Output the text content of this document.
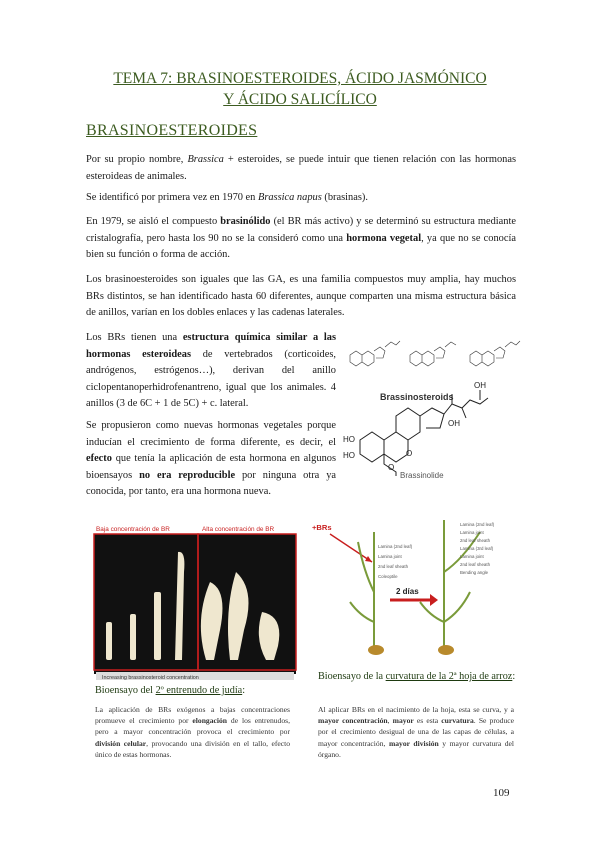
TEMA 7: BRASINOESTEROIDES, ÁCIDO JASMÓNICO
Y ÁCIDO SALICÍLICO
BRASINOESTEROIDES
Por su propio nombre, Brassica + esteroides, se puede intuir que tienen relación con las hormonas esteroideas de animales.
Se identificó por primera vez en 1970 en Brassica napus (brasinas).
En 1979, se aisló el compuesto brasinólido (el BR más activo) y se determinó su estructura mediante cristalografía, pero hasta los 90 no se la consideró como una hormona vegetal, ya que no se conocía bien su función o forma de acción.
Los brasinoesteroides son iguales que las GA, es una familia compuestos muy amplia, hay muchos BRs distintos, se han identificado hasta 60 diferentes, aunque comparten una misma estructura básica de anillos, varían en los dobles enlaces y las cadenas laterales.
Los BRs tienen una estructura química similar a las hormonas esteroideas de vertebrados (corticoides, andrógenos, estrógenos…), derivan del anillo ciclopentanoperhidrofenantreno, igual que los animales. 4 anillos (3 de 6C + 1 de 5C) + c. lateral.
Se propusieron como nuevas hormonas vegetales porque inducían el crecimiento de forma diferente, es decir, el efecto que tenía la aplicación de esta hormona en algunos bioensayos no era reproducible por ninguna otra ya conocida, por tanto, era una hormona nueva.
Brassinosteroids
OH
OH
HO
HO
O
O
Brassinolide
Baja concentración de BR	Alta concentración de BR
Increasing brassinosteroid concentration
+BRs
2 días
Lamina (2nd leaf)
Lamina joint
2nd leaf sheath
Coleoptile
Lamina (2nd leaf)
Lamina joint
2nd leaf sheath
Lamina (3rd leaf)
Lamina joint
2nd leaf sheath
Bending angle
Bioensayo del 2º entrenudo de judía:
Bioensayo de la curvatura de la 2ª hoja de arroz:
La aplicación de BRs exógenos a bajas concentraciones promueve el crecimiento por elongación de los entrenudos, pero a mayor concentración provoca el crecimiento por división celular, provocando una división en el tallo, efecto único de estas hormonas.
Al aplicar BRs en el nacimiento de la hoja, esta se curva, y a mayor concentración, mayor es esta curvatura. Se produce por el crecimiento desigual de una de las capas de células, a mayor concentración, mayor división y mayor curvatura del órgano.
109
